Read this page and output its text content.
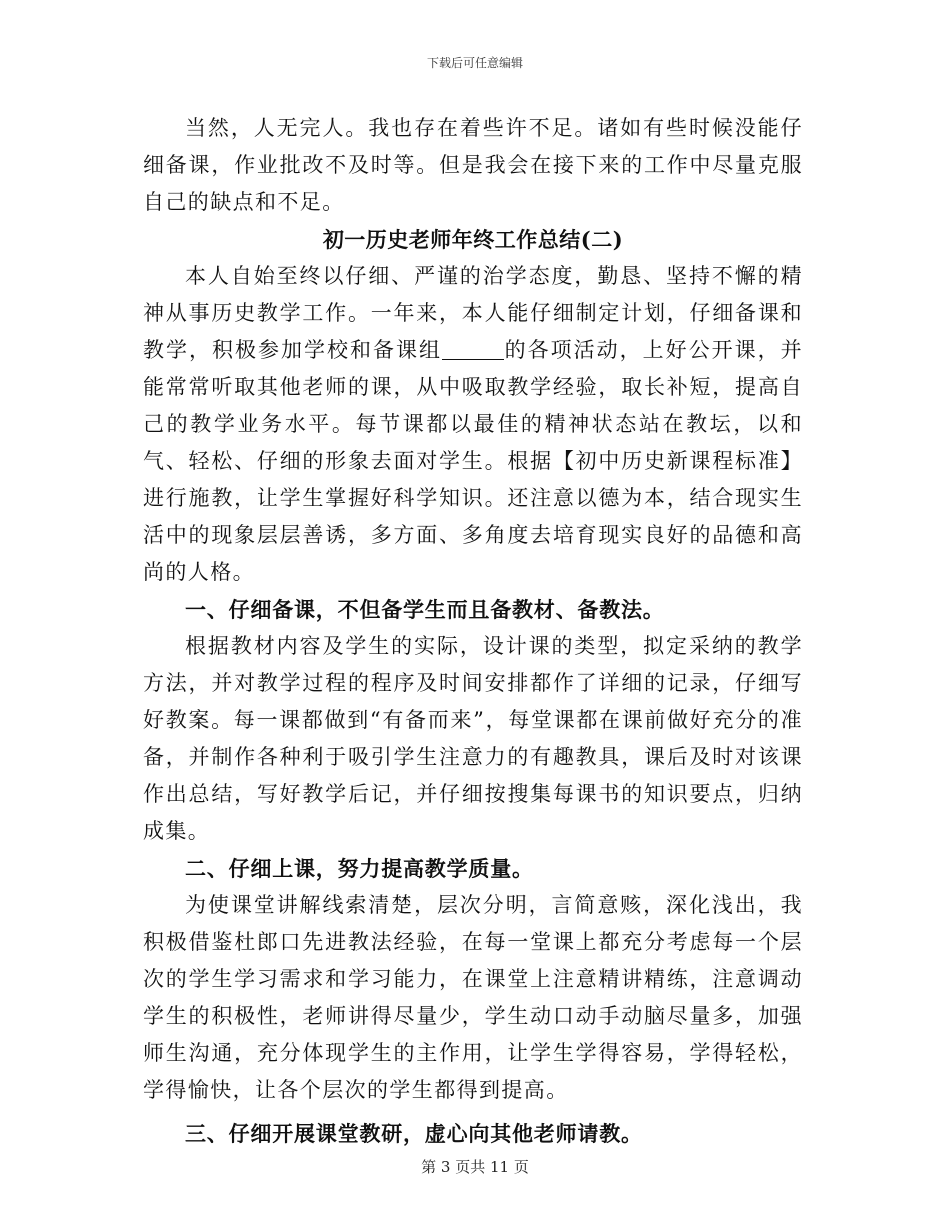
下载后可任意编辑

当然，人无完人。我也存在着些许不足。诸如有些时候没能仔细备课，作业批改不及时等。但是我会在接下来的工作中尽量克服自己的缺点和不足。

初一历史老师年终工作总结(二)

本人自始至终以仔细、严谨的治学态度，勤恳、坚持不懈的精神从事历史教学工作。一年来，本人能仔细制定计划，仔细备课和教学，积极参加学校和备课组	的各项活动，上好公开课，并能常常听取其他老师的课，从中吸取教学经验，取长补短，提高自己的教学业务水平。每节课都以最佳的精神状态站在教坛，以和气、轻松、仔细的形象去面对学生。根据【初中历史新课程标准】进行施教，让学生掌握好科学知识。还注意以德为本，结合现实生活中的现象层层善诱，多方面、多角度去培育现实良好的品德和高尚的人格。

一、仔细备课，不但备学生而且备教材、备教法。

根据教材内容及学生的实际，设计课的类型，拟定采纳的教学方法，并对教学过程的程序及时间安排都作了详细的记录，仔细写好教案。每一课都做到“有备而来”，每堂课都在课前做好充分的准备，并制作各种利于吸引学生注意力的有趣教具，课后及时对该课作出总结，写好教学后记，并仔细按搜集每课书的知识要点，归纳成集。

二、仔细上课，努力提高教学质量。

为使课堂讲解线索清楚，层次分明，言简意赅，深化浅出，我积极借鉴杜郎口先进教法经验，在每一堂课上都充分考虑每一个层次的学生学习需求和学习能力，在课堂上注意精讲精练，注意调动学生的积极性，老师讲得尽量少，学生动口动手动脑尽量多，加强师生沟通，充分体现学生的主作用，让学生学得容易，学得轻松，学得愉快，让各个层次的学生都得到提高。

三、仔细开展课堂教研，虚心向其他老师请教。
第 3 页共 11 页
